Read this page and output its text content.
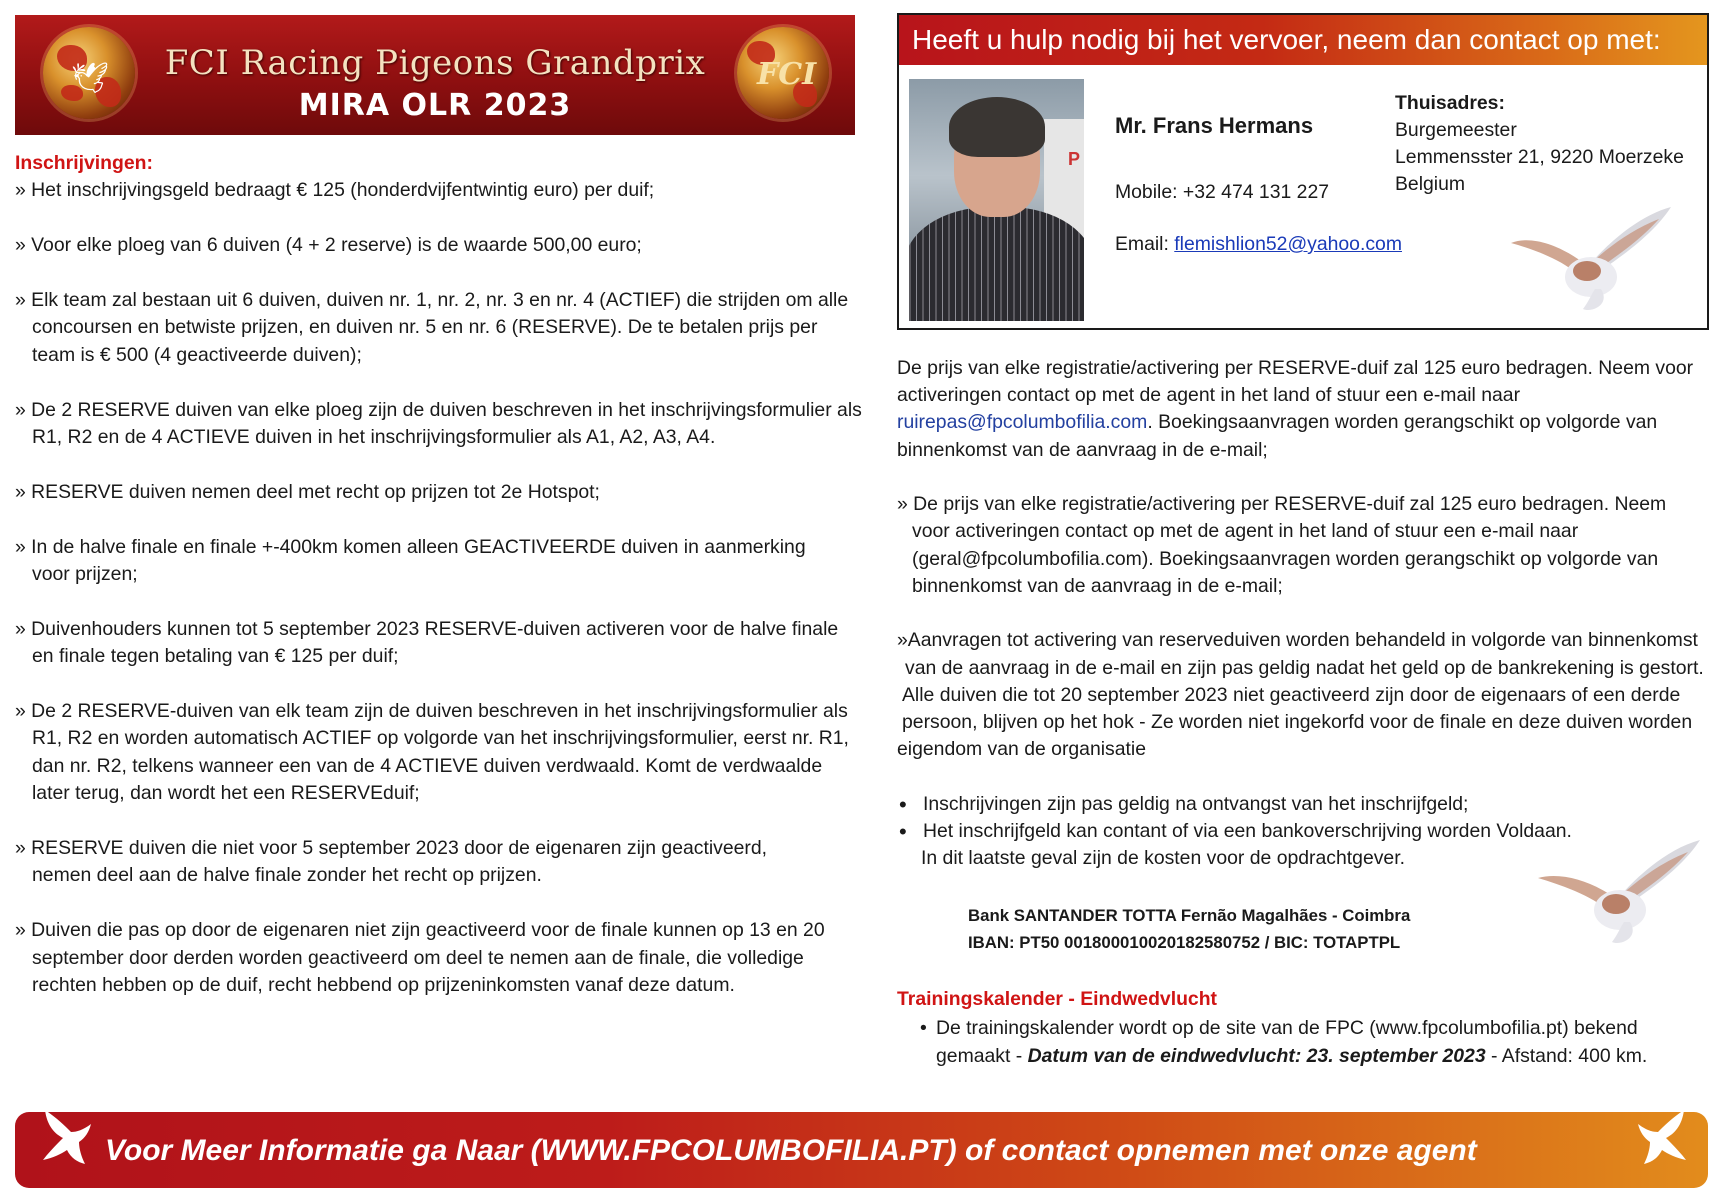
🕊	FCI Racing Pigeons Grandprix
MIRA OLR 2023
FCI

Inschrijvingen:

» Het inschrijvingsgeld bedraagt € 125 (honderdvijfentwintig euro) per duif;

» Voor elke ploeg van 6 duiven (4 + 2 reserve) is de waarde 500,00 euro;

» Elk team zal bestaan uit 6 duiven, duiven nr. 1, nr. 2, nr. 3 en nr. 4 (ACTIEF) die strijden om alle concoursen en betwiste prijzen, en duiven nr. 5 en nr. 6 (RESERVE). De te betalen prijs per team is € 500 (4 geactiveerde duiven);

» De 2 RESERVE duiven van elke ploeg zijn de duiven beschreven in het inschrijvingsformulier als R1, R2 en de 4 ACTIEVE duiven in het inschrijvingsformulier als A1, A2, A3, A4.

» RESERVE duiven nemen deel met recht op prijzen tot 2e Hotspot;

» In de halve finale en finale +-400km komen alleen GEACTIVEERDE duiven in aanmerking voor prijzen;

» Duivenhouders kunnen tot 5 september 2023 RESERVE-duiven activeren voor de halve finale en finale tegen betaling van € 125 per duif;

» De 2 RESERVE-duiven van elk team zijn de duiven beschreven in het inschrijvingsformulier als R1, R2 en worden automatisch ACTIEF op volgorde van het inschrijvingsformulier, eerst nr. R1, dan nr. R2, telkens wanneer een van de 4 ACTIEVE duiven verdwaald. Komt de verdwaalde later terug, dan wordt het een RESERVEduif;

» RESERVE duiven die niet voor 5 september 2023 door de eigenaren zijn geactiveerd, nemen deel aan de halve finale zonder het recht op prijzen.

» Duiven die pas op door de eigenaren niet zijn geactiveerd voor de finale kunnen op 13 en 20 september door derden worden geactiveerd om deel te nemen aan de finale, die volledige rechten hebben op de duif, recht hebbend op prijzeninkomsten vanaf deze datum.

Heeft u hulp nodig bij het vervoer, neem dan contact op met:
P
Mr. Frans Hermans
Mobile: +32 474 131 227
Email: flemishlion52@yahoo.com
Thuisadres:
Burgemeester
Lemmensster 21, 9220 Moerzeke
Belgium

De prijs van elke registratie/activering per RESERVE-duif zal 125 euro bedragen. Neem voor activeringen contact op met de agent in het land of stuur een e-mail naar ruirepas@fpcolumbofilia.com. Boekingsaanvragen worden gerangschikt op volgorde van binnenkomst van de aanvraag in de e-mail;

» De prijs van elke registratie/activering per RESERVE-duif zal 125 euro bedragen. Neem voor activeringen contact op met de agent in het land of stuur een e-mail naar (geral@fpcolumbofilia.com). Boekingsaanvragen worden gerangschikt op volgorde van binnenkomst van de aanvraag in de e-mail;

»Aanvragen tot activering van reserveduiven worden behandeld in volgorde van binnenkomst
van de aanvraag in de e-mail en zijn pas geldig nadat het geld op de bankrekening is gestort.
Alle duiven die tot 20 september 2023 niet geactiveerd zijn door de eigenaars of een derde
persoon, blijven op het hok - Ze worden niet ingekorfd voor de finale en deze duiven worden
eigendom van de organisatie
• Inschrijvingen zijn pas geldig na ontvangst van het inschrijfgeld;
• Het inschrijfgeld kan contant of via een bankoverschrijving worden Voldaan.
In dit laatste geval zijn de kosten voor de opdrachtgever.
Bank SANTANDER TOTTA Fernão Magalhães - Coimbra
IBAN: PT50 001800010020182580752 / BIC: TOTAPTPL
Trainingskalender - Eindwedvlucht
• De trainingskalender wordt op de site van de FPC (www.fpcolumbofilia.pt) bekend gemaakt - Datum van de eindwedvlucht: 23. september 2023 - Afstand: 400 km.
Voor Meer Informatie ga Naar (WWW.FPCOLUMBOFILIA.PT) of contact opnemen met onze agent
